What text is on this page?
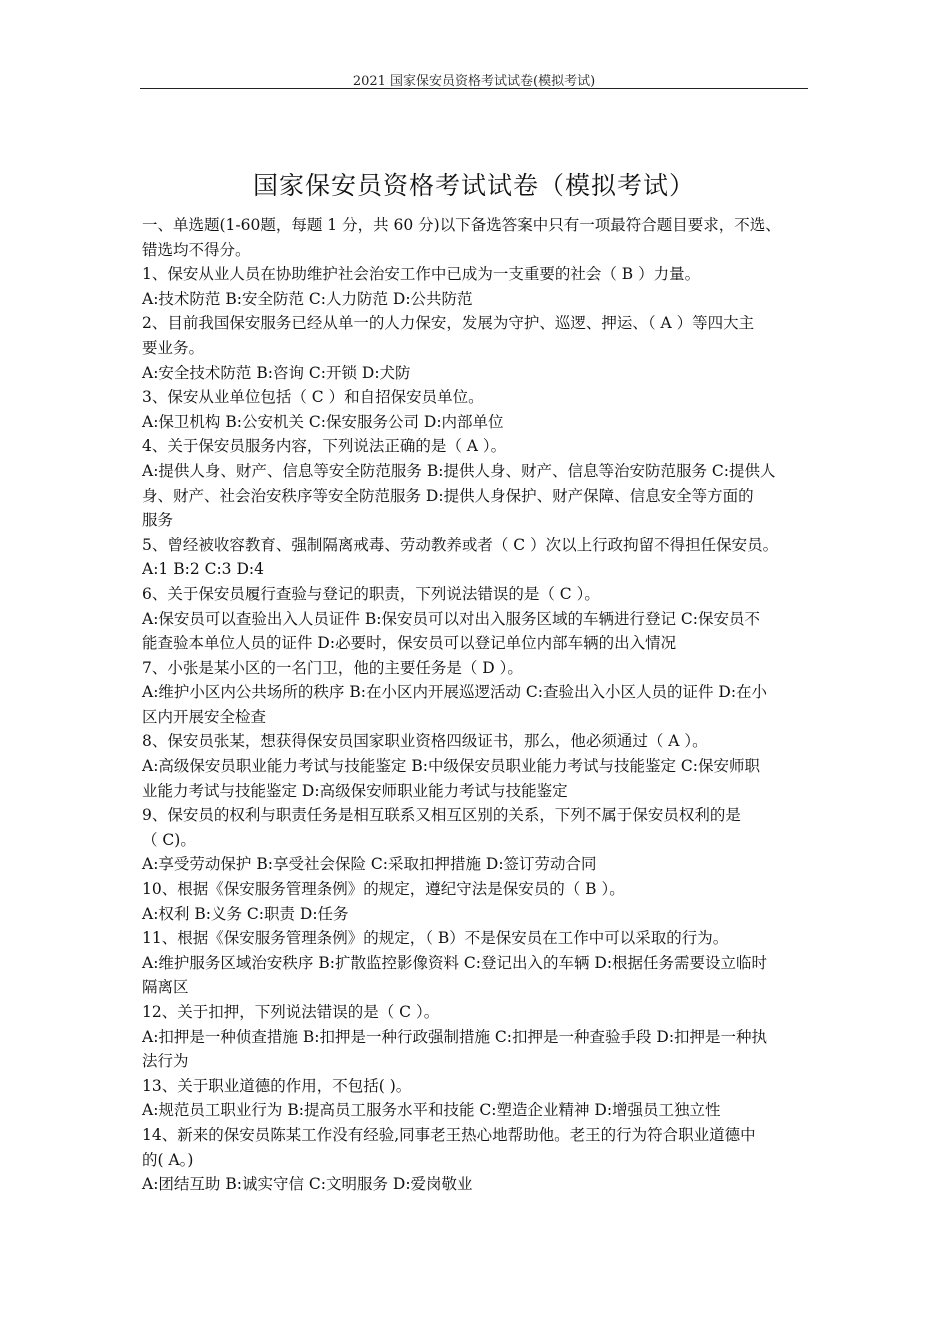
2021 国家保安员资格考试试卷(模拟考试)
国家保安员资格考试试卷（模拟考试）

一、单选题(1-60题，每题 1 分，共 60 分)以下备选答案中只有一项最符合题目要求，不选、

错选均不得分。

1、保安从业人员在协助维护社会治安工作中已成为一支重要的社会（ B ）力量。

A:技术防范 B:安全防范 C:人力防范 D:公共防范

2、目前我国保安服务已经从单一的人力保安，发展为守护、巡逻、押运、（ A ）等四大主

要业务。

A:安全技术防范 B:咨询 C:开锁 D:犬防

3、保安从业单位包括（ C ）和自招保安员单位。

A:保卫机构 B:公安机关 C:保安服务公司 D:内部单位

4、关于保安员服务内容，下列说法正确的是（ A ）。

A:提供人身、财产、信息等安全防范服务 B:提供人身、财产、信息等治安防范服务 C:提供人

身、财产、社会治安秩序等安全防范服务 D:提供人身保护、财产保障、信息安全等方面的

服务

5、曾经被收容教育、强制隔离戒毒、劳动教养或者（ C ）次以上行政拘留不得担任保安员。

A:1 B:2 C:3 D:4

6、关于保安员履行查验与登记的职责，下列说法错误的是（ C ）。

A:保安员可以查验出入人员证件 B:保安员可以对出入服务区域的车辆进行登记 C:保安员不

能查验本单位人员的证件 D:必要时，保安员可以登记单位内部车辆的出入情况

7、小张是某小区的一名门卫，他的主要任务是（ D ）。

A:维护小区内公共场所的秩序 B:在小区内开展巡逻活动 C:查验出入小区人员的证件 D:在小

区内开展安全检查

8、保安员张某，想获得保安员国家职业资格四级证书，那么，他必须通过（ A ）。

A:高级保安员职业能力考试与技能鉴定 B:中级保安员职业能力考试与技能鉴定 C:保安师职

业能力考试与技能鉴定 D:高级保安师职业能力考试与技能鉴定

9、保安员的权利与职责任务是相互联系又相互区别的关系，下列不属于保安员权利的是

（ C)。

A:享受劳动保护 B:享受社会保险 C:采取扣押措施 D:签订劳动合同

10、根据《保安服务管理条例》的规定，遵纪守法是保安员的（ B ）。

A:权利 B:义务 C:职责 D:任务

11、根据《保安服务管理条例》的规定，（ B）不是保安员在工作中可以采取的行为。

A:维护服务区域治安秩序 B:扩散监控影像资料 C:登记出入的车辆 D:根据任务需要设立临时

隔离区

12、关于扣押，下列说法错误的是（ C ）。

A:扣押是一种侦查措施 B:扣押是一种行政强制措施 C:扣押是一种查验手段 D:扣押是一种执

法行为

13、关于职业道德的作用，不包括( )。

A:规范员工职业行为 B:提高员工服务水平和技能 C:塑造企业精神 D:增强员工独立性

14、新来的保安员陈某工作没有经验,同事老王热心地帮助他。老王的行为符合职业道德中

的( A。)

A:团结互助 B:诚实守信 C:文明服务 D:爱岗敬业
